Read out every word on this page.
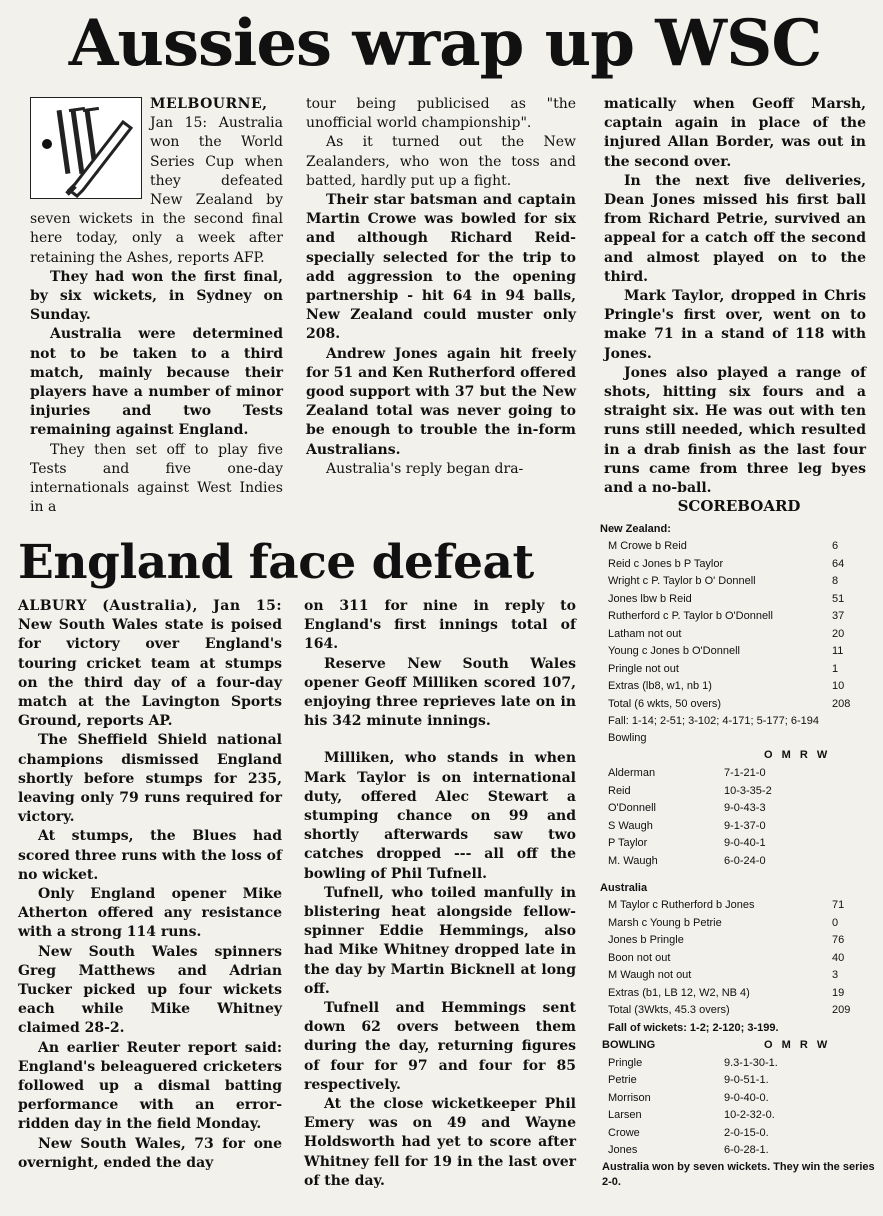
Aussies wrap up WSC

MELBOURNE, Jan 15: Australia won the World Series Cup when they defeated New Zealand by seven wickets in the second final here today, only a week after retaining the Ashes, reports AFP.

They had won the first final, by six wickets, in Sydney on Sunday.

Australia were determined not to be taken to a third match, mainly because their players have a number of minor injuries and two Tests remaining against England.

They then set off to play five Tests and five one-day internationals against West Indies in a

tour being publicised as "the unofficial world championship".

As it turned out the New Zealanders, who won the toss and batted, hardly put up a fight.

Their star batsman and captain Martin Crowe was bowled for six and although Richard Reid-specially selected for the trip to add aggression to the opening partnership - hit 64 in 94 balls, New Zealand could muster only 208.

Andrew Jones again hit freely for 51 and Ken Rutherford offered good support with 37 but the New Zealand total was never going to be enough to trouble the in-form Australians.

Australia's reply began dra-

matically when Geoff Marsh, captain again in place of the injured Allan Border, was out in the second over.

In the next five deliveries, Dean Jones missed his first ball from Richard Petrie, survived an appeal for a catch off the second and almost played on to the third.

Mark Taylor, dropped in Chris Pringle's first over, went on to make 71 in a stand of 118 with Jones.

Jones also played a range of shots, hitting six fours and a straight six. He was out with ten runs still needed, which resulted in a drab finish as the last four runs came from three leg byes and a no-ball.

England face defeat

ALBURY (Australia), Jan 15: New South Wales state is poised for victory over England's touring cricket team at stumps on the third day of a four-day match at the Lavington Sports Ground, reports AP.

The Sheffield Shield national champions dismissed England shortly before stumps for 235, leaving only 79 runs required for victory.

At stumps, the Blues had scored three runs with the loss of no wicket.

Only England opener Mike Atherton offered any resistance with a strong 114 runs.

New South Wales spinners Greg Matthews and Adrian Tucker picked up four wickets each while Mike Whitney claimed 28-2.

An earlier Reuter report said: England's beleaguered cricketers followed up a dismal batting performance with an error-ridden day in the field Monday.

New South Wales, 73 for one overnight, ended the day

on 311 for nine in reply to England's first innings total of 164.

Reserve New South Wales opener Geoff Milliken scored 107, enjoying three reprieves late on in his 342 minute innings.

Milliken, who stands in when Mark Taylor is on international duty, offered Alec Stewart a stumping chance on 99 and shortly afterwards saw two catches dropped --- all off the bowling of Phil Tufnell.

Tufnell, who toiled manfully in blistering heat alongside fellow-spinner Eddie Hemmings, also had Mike Whitney dropped late in the day by Martin Bicknell at long off.

Tufnell and Hemmings sent down 62 overs between them during the day, returning figures of four for 97 and four for 85 respectively.

At the close wicketkeeper Phil Emery was on 49 and Wayne Holdsworth had yet to score after Whitney fell for 19 in the last over of the day.

SCOREBOARD
New Zealand:
M Crowe b Reid	6
Reid c Jones b P Taylor	64
Wright c P. Taylor b O' Donnell	8
Jones lbw b Reid	51
Rutherford c P. Taylor b O'Donnell	37
Latham not out	20
Young c Jones b O'Donnell	11
Pringle not out	1
Extras (lb8, w1, nb 1)	10
Total (6 wkts, 50 overs)	208
Fall: 1-14; 2-51; 3-102; 4-171; 5-177; 6-194
Bowling
O M R W
Alderman	7-1-21-0
Reid	10-3-35-2
O'Donnell	9-0-43-3
S Waugh	9-1-37-0
P Taylor	9-0-40-1
M. Waugh	6-0-24-0
Australia
M Taylor c Rutherford b Jones	71
Marsh c Young b Petrie	0
Jones b Pringle	76
Boon not out	40
M Waugh not out	3
Extras (b1, LB 12, W2, NB 4)	19
Total (3Wkts, 45.3 overs)	209
Fall of wickets: 1-2; 2-120; 3-199.
BOWLING	O M R W
Pringle	9.3-1-30-1.
Petrie	9-0-51-1.
Morrison	9-0-40-0.
Larsen	10-2-32-0.
Crowe	2-0-15-0.
Jones	6-0-28-1.
Australia won by seven wickets. They win the series 2-0.
